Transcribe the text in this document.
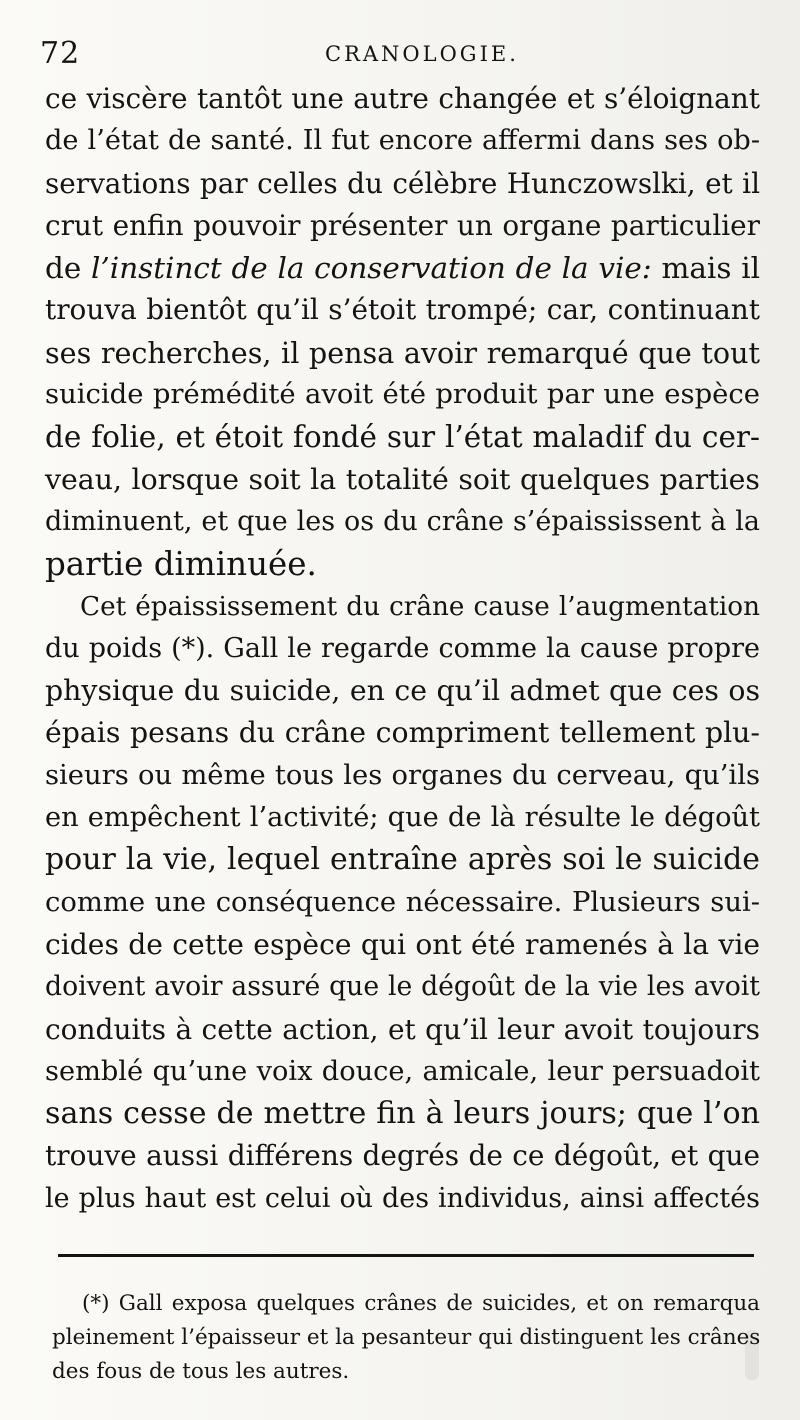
72	CRANOLOGIE.
ce viscère tantôt une autre changée et s’éloignant
de l’état de santé. Il fut encore affermi dans ses ob-
servations par celles du célèbre Hunczowslki, et il
crut enfin pouvoir présenter un organe particulier
de l’instinct de la conservation de la vie: mais il
trouva bientôt qu’il s’étoit trompé; car, continuant
ses recherches, il pensa avoir remarqué que tout
suicide prémédité avoit été produit par une espèce
de folie, et étoit fondé sur l’état maladif du cer-
veau, lorsque soit la totalité soit quelques parties
diminuent, et que les os du crâne s’épaississent à la
partie diminuée.
Cet épaississement du crâne cause l’augmentation
du poids (*). Gall le regarde comme la cause propre
physique du suicide, en ce qu’il admet que ces os
épais pesans du crâne compriment tellement plu-
sieurs ou même tous les organes du cerveau, qu’ils
en empêchent l’activité; que de là résulte le dégoût
pour la vie, lequel entraîne après soi le suicide
comme une conséquence nécessaire. Plusieurs sui-
cides de cette espèce qui ont été ramenés à la vie
doivent avoir assuré que le dégoût de la vie les avoit
conduits à cette action, et qu’il leur avoit toujours
semblé qu’une voix douce, amicale, leur persuadoit
sans cesse de mettre fin à leurs jours; que l’on
trouve aussi différens degrés de ce dégoût, et que
le plus haut est celui où des individus, ainsi affectés
(*) Gall exposa quelques crânes de suicides, et on remarqua
pleinement l’épaisseur et la pesanteur qui distinguent les crânes
des fous de tous les autres.
